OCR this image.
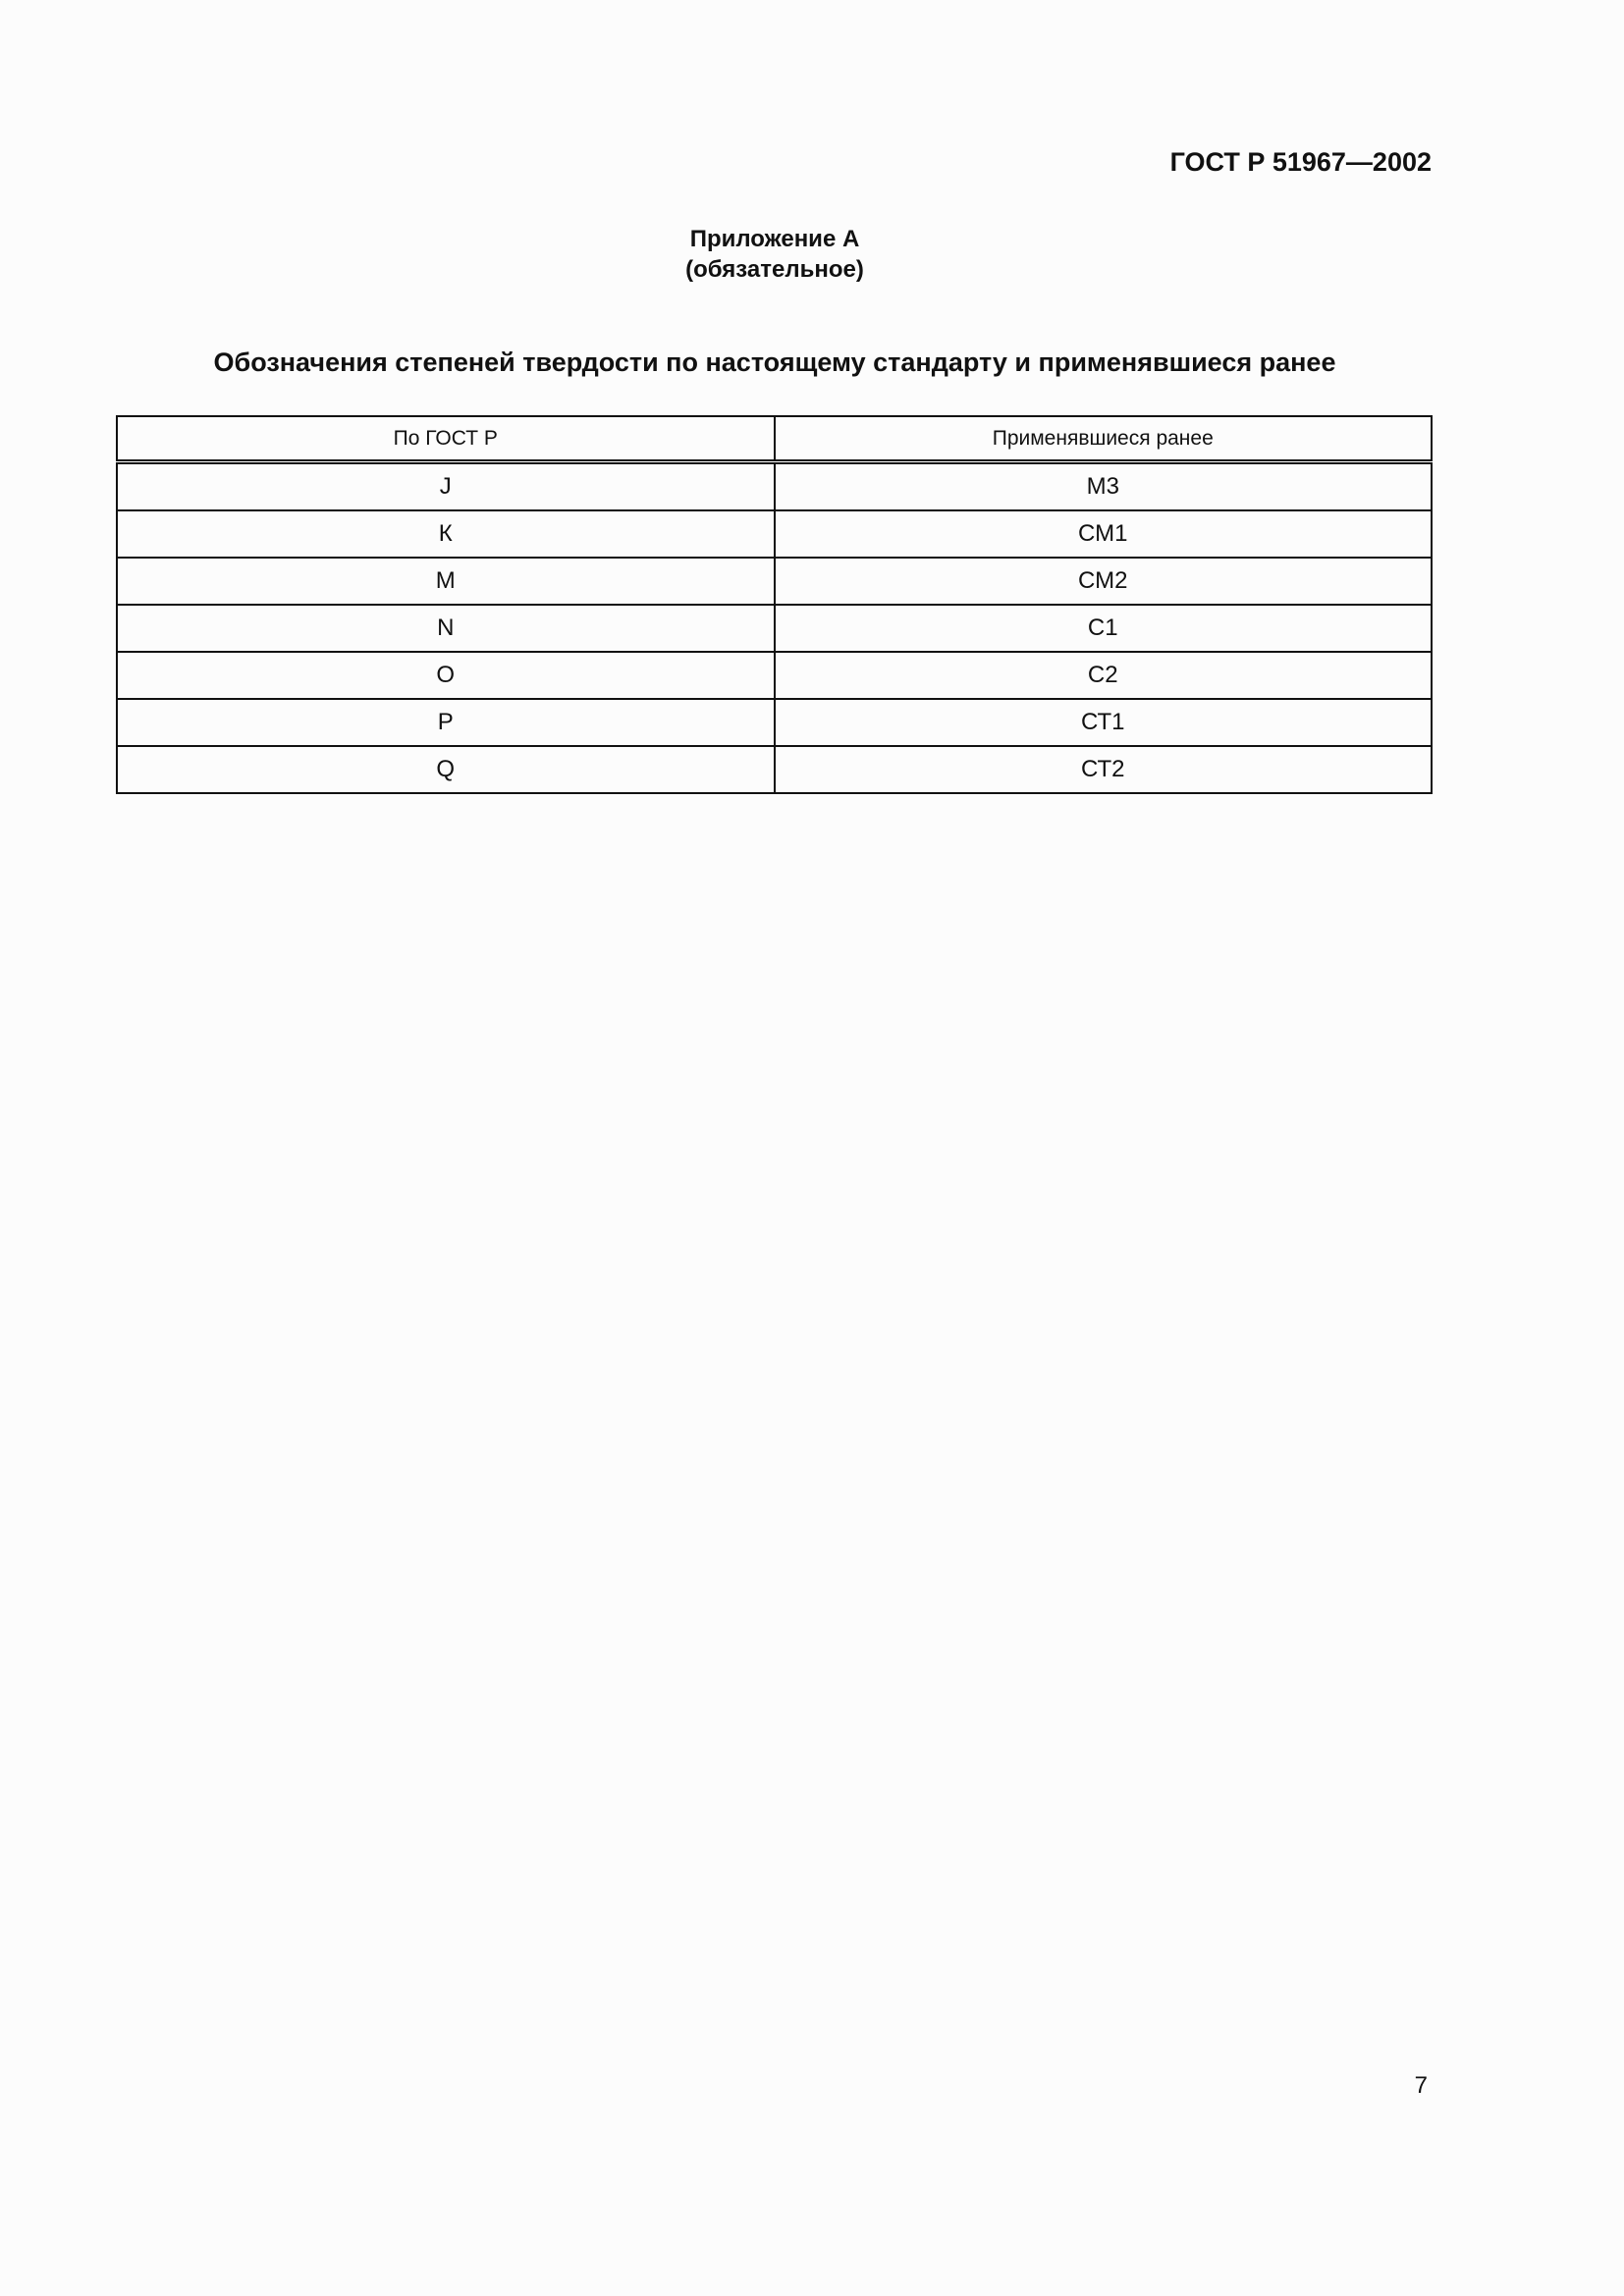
ГОСТ Р 51967—2002
Приложение А
(обязательное)
Обозначения степеней твердости по настоящему стандарту и применявшиеся ранее
По ГОСТ Р	Применявшиеся ранее
J	М3
К	СМ1
M	СМ2
N	С1
О	С2
P	СТ1
Q	СТ2
7
